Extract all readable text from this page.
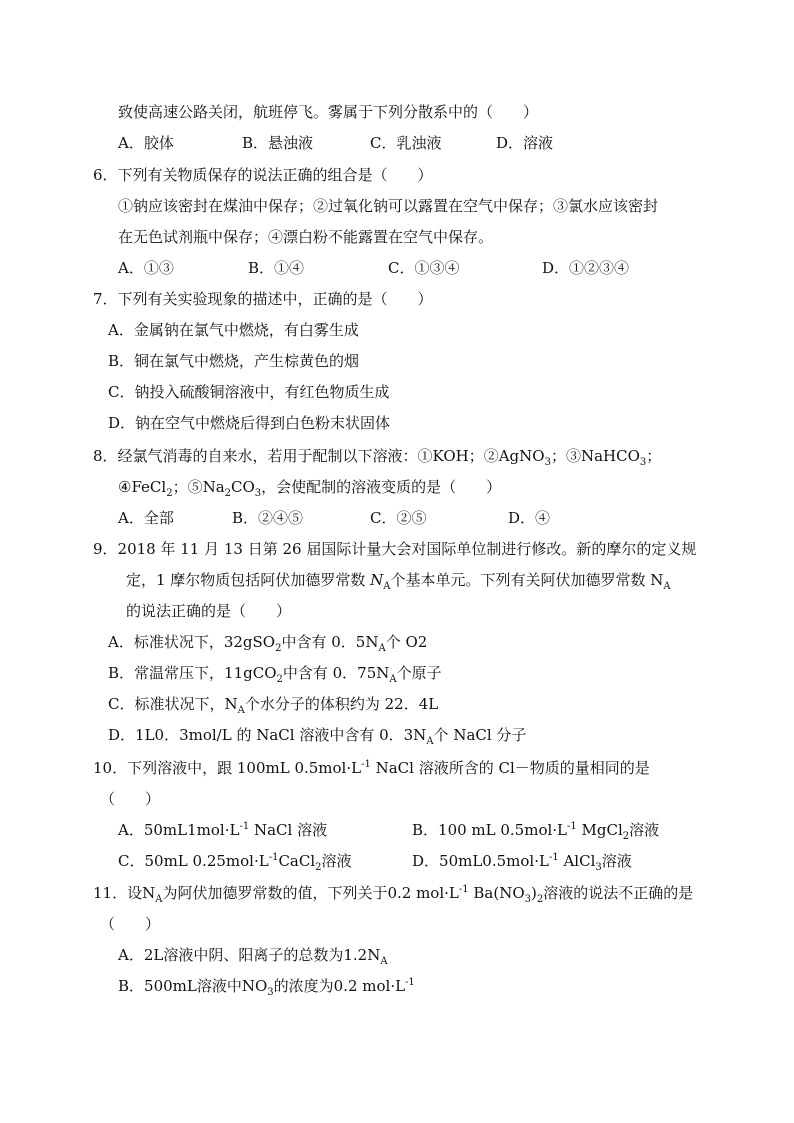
致使高速公路关闭，航班停飞。雾属于下列分散系中的（　　）
A．胶体	B．悬浊液	C．乳浊液	D．溶液
6．下列有关物质保存的说法正确的组合是（　　）
①钠应该密封在煤油中保存；②过氧化钠可以露置在空气中保存；③氯水应该密封
在无色试剂瓶中保存；④漂白粉不能露置在空气中保存。
A．①③	B．①④	C．①③④	D．①②③④
7．下列有关实验现象的描述中，正确的是（　　）
A．金属钠在氯气中燃烧，有白雾生成
B．铜在氯气中燃烧，产生棕黄色的烟
C．钠投入硫酸铜溶液中，有红色物质生成
D．钠在空气中燃烧后得到白色粉末状固体
8．经氯气消毒的自来水，若用于配制以下溶液：①KOH；②AgNO$_3$；③NaHCO$_3$；
④FeCl$_2$；$⑤Na_2CO_3$，会使配制的溶液变质的是（　　）
A．全部	B．②④⑤	C．②⑤	D．④
9．2018 年 11 月 13 日第 26 届国际计量大会对国际单位制进行修改。新的摩尔的定义规
定，1 摩尔物质包括阿伏加德罗常数 $N_A$个基本单元。下列有关阿伏加德罗常数 $N_A$
的说法正确的是（　　）
A．标准状况下，32gSO$_2$中含有 0．$5N_A$个 O2
B．常温常压下，11gCO$_2$中含有 0．$75N_A$个原子
C．标准状况下，$N_A$个水分子的体积约为 22．4L
D．1L0．3mol/L 的 NaCl 溶液中含有 0．$3N_A$个 NaCl 分子
10．下列溶液中，跟 100mL $0.5mol\cdot L^{-1}$ NaCl 溶液所含的 Cl－物质的量相同的是
（　　）
A．$50mL1mol\cdot L^{-1}$ NaCl 溶液	B．100 mL $0.5mol\cdot L^{-1}$ MgCl$_2$溶液
C．50mL $0.25mol\cdot L^{-1}CaCl_2$溶液	D．$50mL0.5mol\cdot L^{-1}$ AlCl$_3$溶液
11．设$N_A$为阿伏加德罗常数的值，下列关于0.2 $mol\cdot L^{-1}$ $Ba(NO_3)_2$溶液的说法不正确的是
（　　）
A．2L溶液中阴、阳离子的总数为$1.2N_A$
B．500mL溶液中$NO_3$的浓度为0.2 $mol\cdot L^{-1}$
